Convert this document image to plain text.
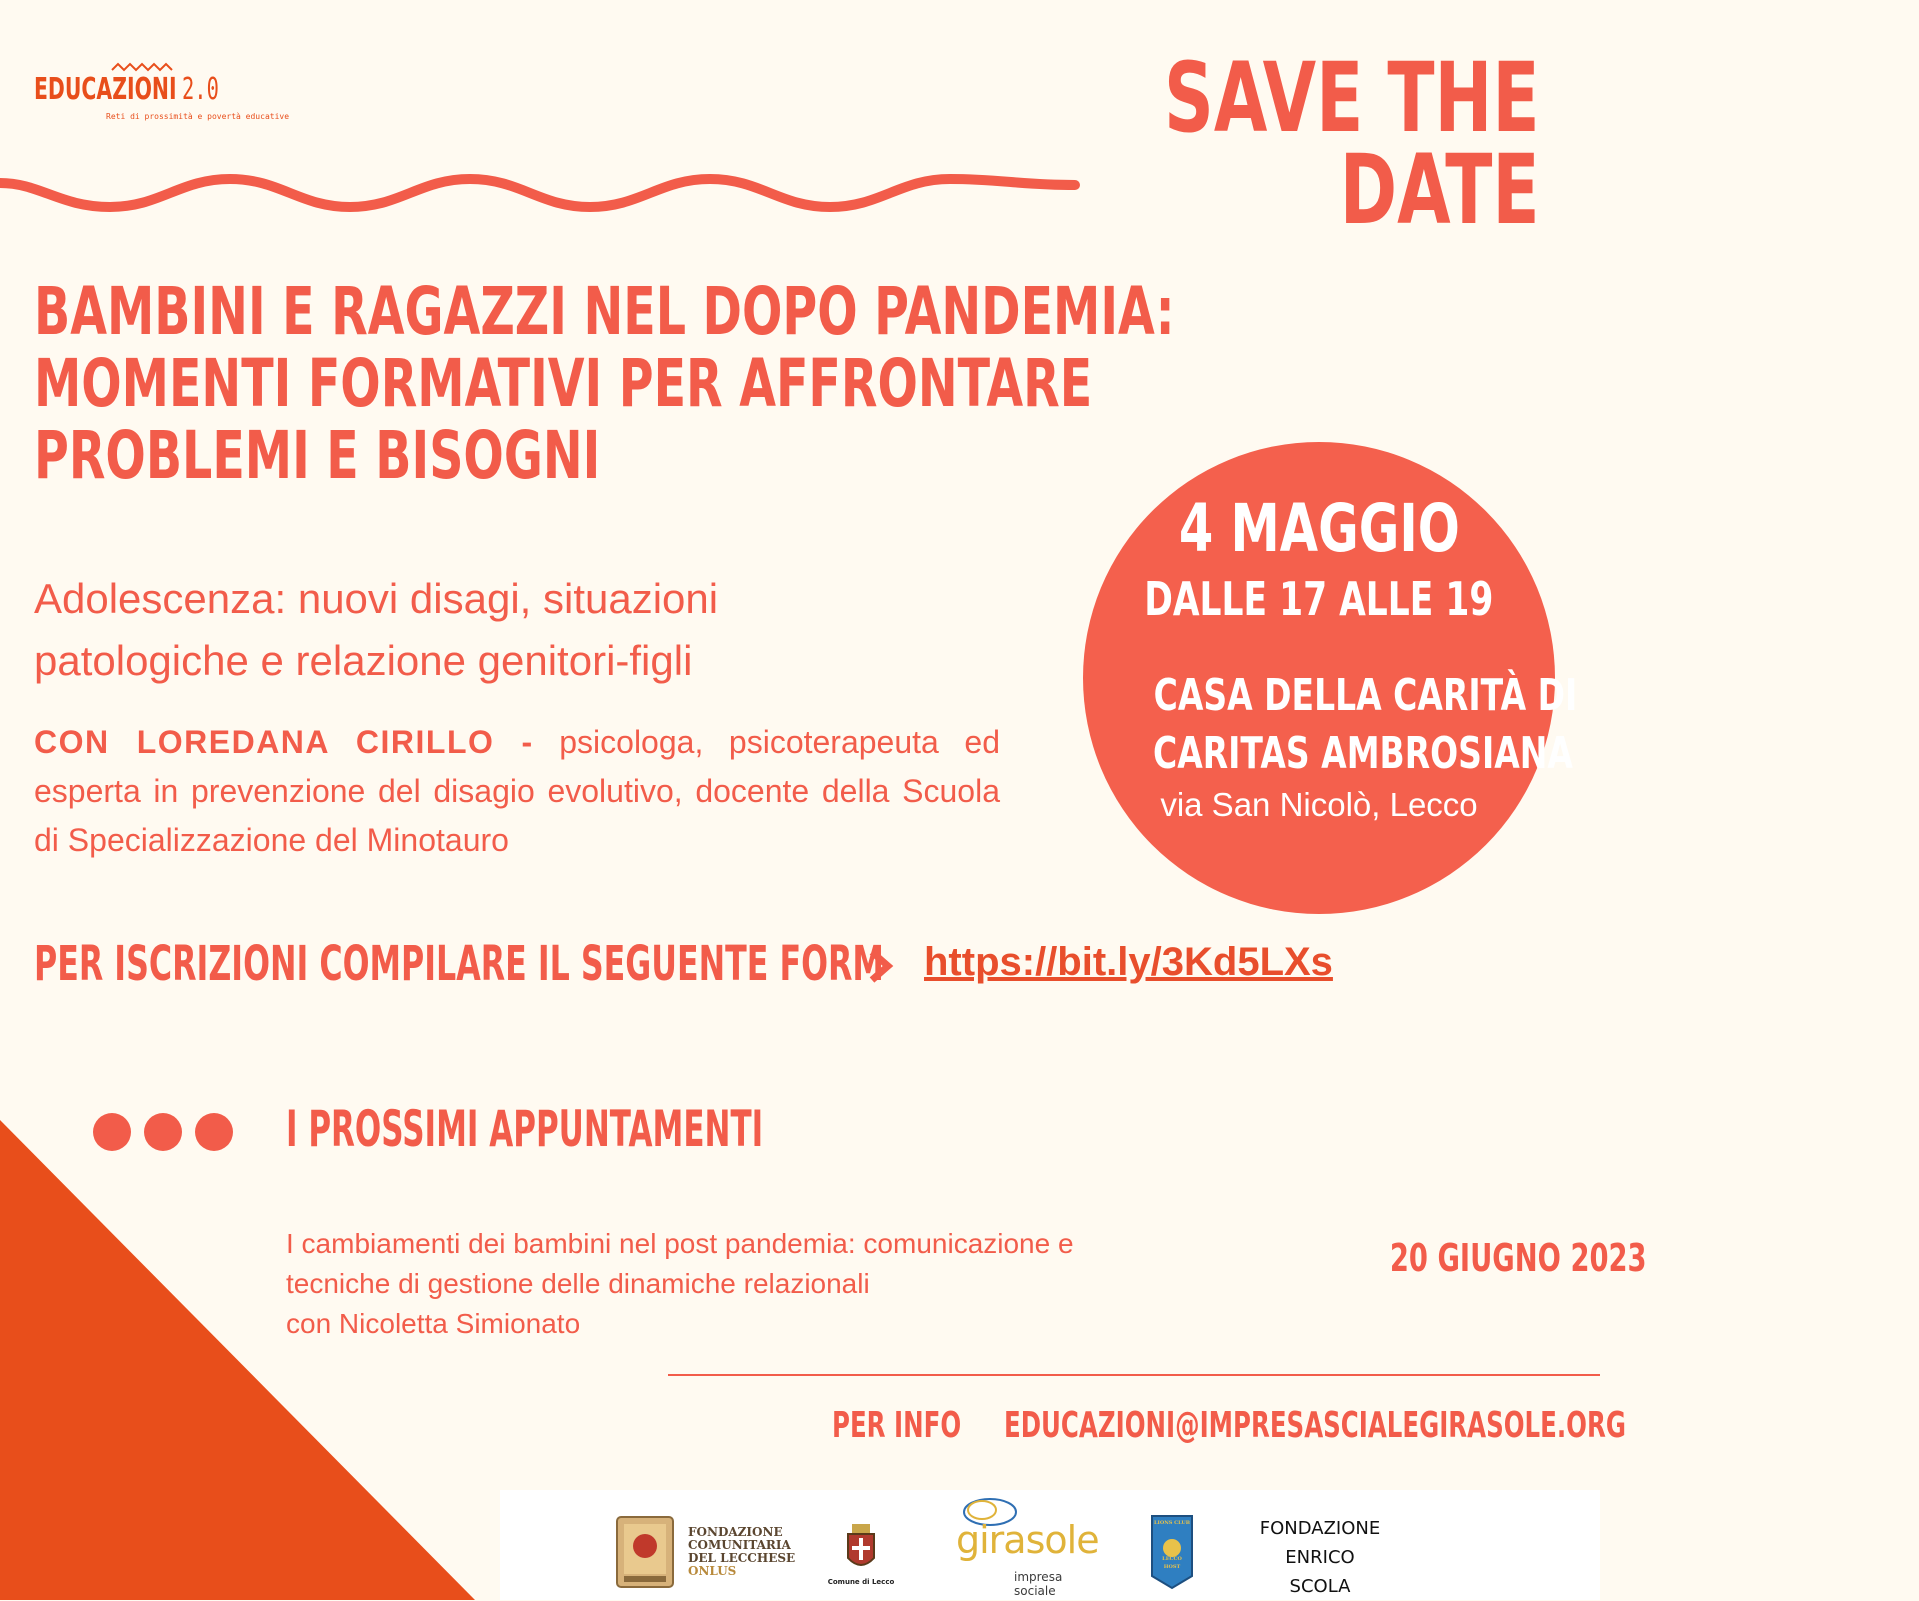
EDUCAZIONI 2.0
Reti di prossimità e povertà educative	SAVE THE
DATE
BAMBINI E RAGAZZI NEL DOPO PANDEMIA:
MOMENTI FORMATIVI PER AFFRONTARE
PROBLEMI E BISOGNI
Adolescenza: nuovi disagi, situazioni patologiche e relazione genitori-figli
CON LOREDANA CIRILLO - psicologa, psicoterapeuta ed esperta in prevenzione del disagio evolutivo, docente della Scuola di Specializzazione del Minotauro
4 MAGGIO
DALLE 17 ALLE 19
CASA DELLA CARITÀ DI
CARITAS AMBROSIANA
via San Nicolò, Lecco
PER ISCRIZIONI COMPILARE IL SEGUENTE FORM	https://bit.ly/3Kd5LXs
I PROSSIMI APPUNTAMENTI
I cambiamenti dei bambini nel post pandemia: comunicazione e
tecniche di gestione delle dinamiche relazionali
con Nicoletta Simionato
20 GIUGNO 2023
PER INFO	EDUCAZIONI@IMPRESASCIALEGIRASOLE.ORG
FONDAZIONE
COMUNITARIA
DEL LECCHESE
ONLUS
Comune di Lecco
girasole
impresa sociale
LIONS CLUB
LECCO
HOST
FONDAZIONE
ENRICO
SCOLA
